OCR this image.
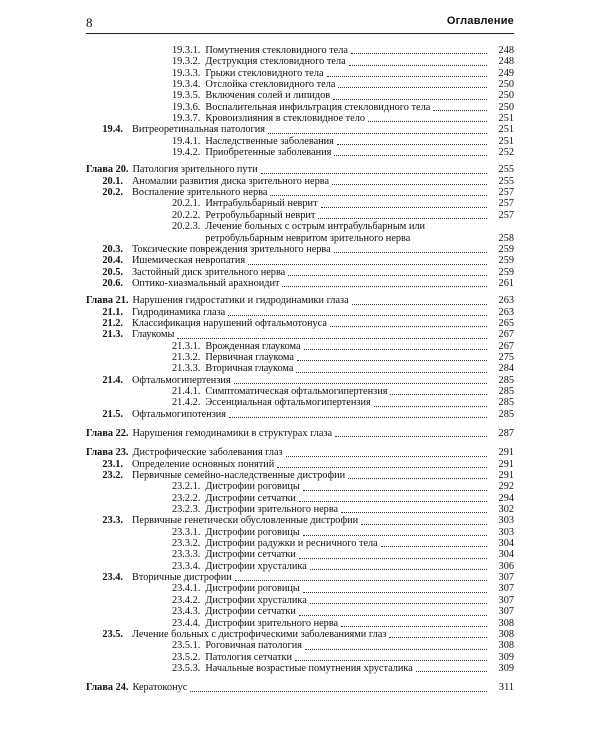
8	Оглавление
19.3.1. Помутнения стекловидного тела	248
19.3.2. Деструкция стекловидного тела	248
19.3.3. Грыжи стекловидного тела	249
19.3.4. Отслойка стекловидного тела	250
19.3.5. Включения солей и липидов	250
19.3.6. Воспалительная инфильтрация стекловидного тела	250
19.3.7. Кровоизлияния в стекловидное тело	251
19.4. Витреоретинальная патология	251
19.4.1. Наследственные заболевания	251
19.4.2. Приобретенные заболевания	252
Глава 20. Патология зрительного пути	255
20.1. Аномалии развития диска зрительного нерва	255
20.2. Воспаление зрительного нерва	257
20.2.1. Интрабульбарный неврит	257
20.2.2. Ретробульбарный неврит	257
20.2.3. Лечение больных с острым интрабульбарным или ретробульбарным невритом зрительного нерва	258
20.3. Токсические повреждения зрительного нерва	259
20.4. Ишемическая невропатия	259
20.5. Застойный диск зрительного нерва	259
20.6. Оптико-хиазмальный арахноидит	261
Глава 21. Нарушения гидростатики и гидродинамики глаза	263
21.1. Гидродинамика глаза	263
21.2. Классификация нарушений офтальмотонуса	265
21.3. Глаукомы	267
21.3.1. Врожденная глаукома	267
21.3.2. Первичная глаукома	275
21.3.3. Вторичная глаукома	284
21.4. Офтальмогипертензия	285
21.4.1. Симптоматическая офтальмогипертензия	285
21.4.2. Эссенциальная офтальмогипертензия	285
21.5. Офтальмогипотензия	285
Глава 22. Нарушения гемодинамики в структурах глаза	287
Глава 23. Дистрофические заболевания глаз	291
23.1. Определение основных понятий	291
23.2. Первичные семейно-наследственные дистрофии	291
23.2.1. Дистрофии роговицы	292
23.2.2. Дистрофии сетчатки	294
23.2.3. Дистрофии зрительного нерва	302
23.3. Первичные генетически обусловленные дистрофии	303
23.3.1. Дистрофии роговицы	303
23.3.2. Дистрофии радужки и ресничного тела	304
23.3.3. Дистрофии сетчатки	304
23.3.4. Дистрофии хрусталика	306
23.4. Вторичные дистрофии	307
23.4.1. Дистрофии роговицы	307
23.4.2. Дистрофии хрусталика	307
23.4.3. Дистрофии сетчатки	307
23.4.4. Дистрофии зрительного нерва	308
23.5. Лечение больных с дистрофическими заболеваниями глаз	308
23.5.1. Роговичная патология	308
23.5.2. Патология сетчатки	309
23.5.3. Начальные возрастные помутнения хрусталика	309
Глава 24. Кератоконус	311
